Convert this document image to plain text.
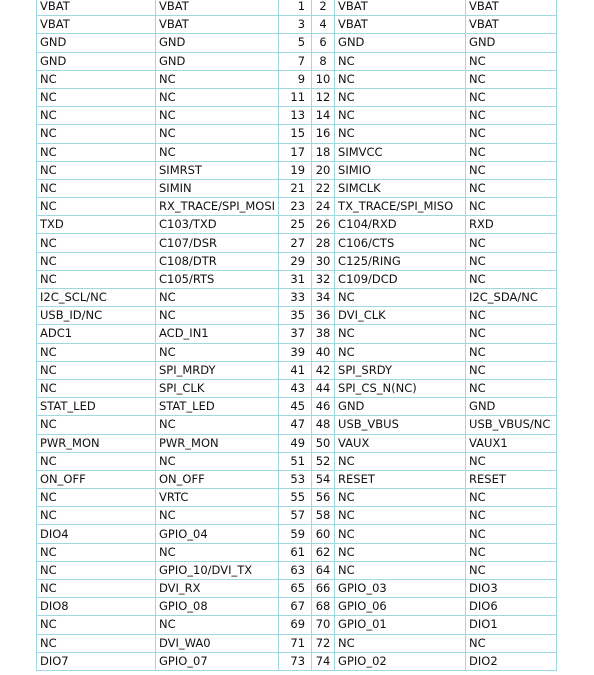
VBAT	VBAT	1	2	VBAT	VBAT
VBAT	VBAT	3	4	VBAT	VBAT
GND	GND	5	6	GND	GND
GND	GND	7	8	NC	NC
NC	NC	9	10	NC	NC
NC	NC	11	12	NC	NC
NC	NC	13	14	NC	NC
NC	NC	15	16	NC	NC
NC	NC	17	18	SIMVCC	NC
NC	SIMRST	19	20	SIMIO	NC
NC	SIMIN	21	22	SIMCLK	NC
NC	RX_TRACE/SPI_MOSI	23	24	TX_TRACE/SPI_MISO	NC
TXD	C103/TXD	25	26	C104/RXD	RXD
NC	C107/DSR	27	28	C106/CTS	NC
NC	C108/DTR	29	30	C125/RING	NC
NC	C105/RTS	31	32	C109/DCD	NC
I2C_SCL/NC	NC	33	34	NC	I2C_SDA/NC
USB_ID/NC	NC	35	36	DVI_CLK	NC
ADC1	ACD_IN1	37	38	NC	NC
NC	NC	39	40	NC	NC
NC	SPI_MRDY	41	42	SPI_SRDY	NC
NC	SPI_CLK	43	44	SPI_CS_N(NC)	NC
STAT_LED	STAT_LED	45	46	GND	GND
NC	NC	47	48	USB_VBUS	USB_VBUS/NC
PWR_MON	PWR_MON	49	50	VAUX	VAUX1
NC	NC	51	52	NC	NC
ON_OFF	ON_OFF	53	54	RESET	RESET
NC	VRTC	55	56	NC	NC
NC	NC	57	58	NC	NC
DIO4	GPIO_04	59	60	NC	NC
NC	NC	61	62	NC	NC
NC	GPIO_10/DVI_TX	63	64	NC	NC
NC	DVI_RX	65	66	GPIO_03	DIO3
DIO8	GPIO_08	67	68	GPIO_06	DIO6
NC	NC	69	70	GPIO_01	DIO1
NC	DVI_WA0	71	72	NC	NC
DIO7	GPIO_07	73	74	GPIO_02	DIO2
